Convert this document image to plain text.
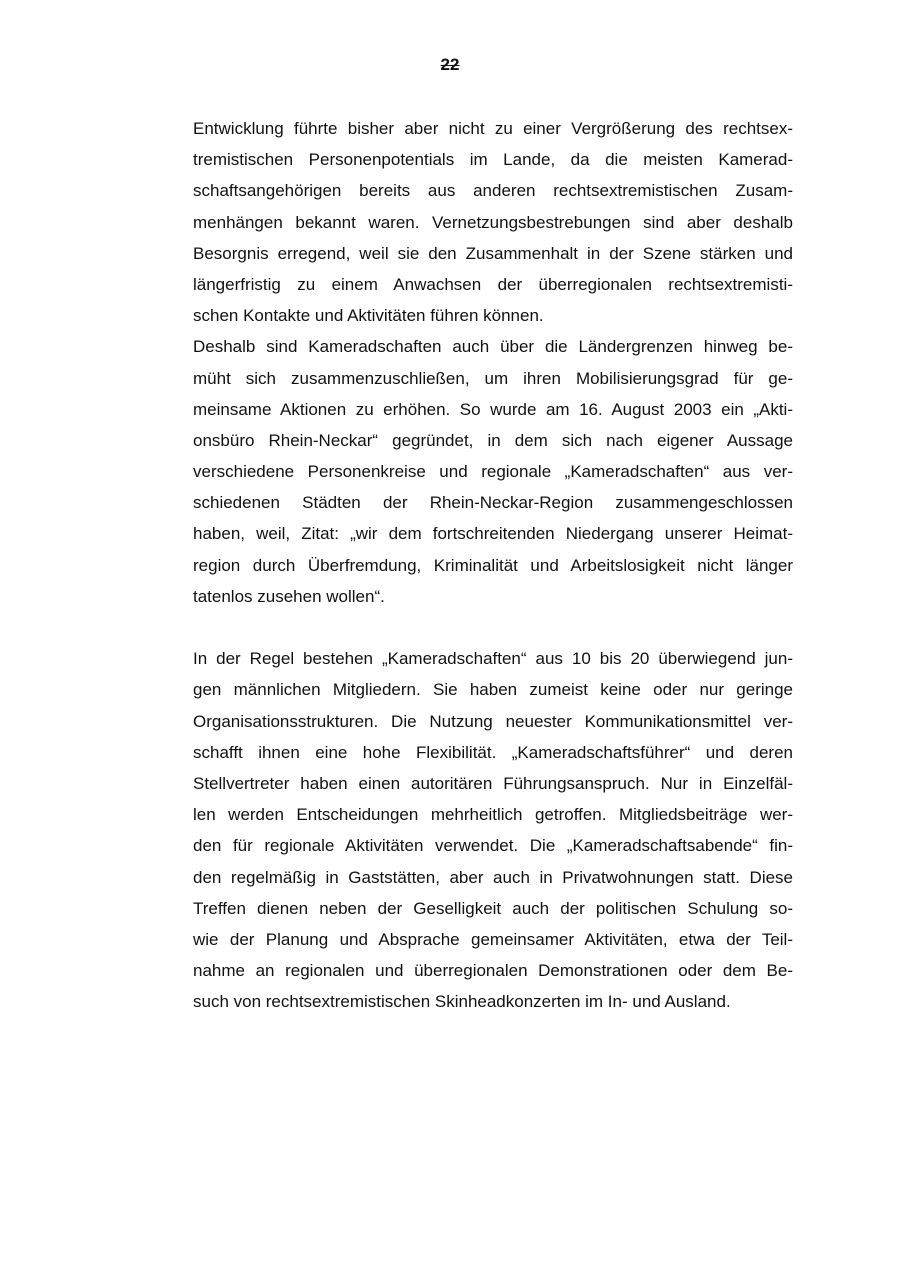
22
Entwicklung führte bisher aber nicht zu einer Vergrößerung des rechtsex-
tremistischen Personenpotentials im Lande, da die meisten Kamerad-
schaftsangehörigen bereits aus anderen rechtsextremistischen Zusam-
menhängen bekannt waren. Vernetzungsbestrebungen sind aber deshalb
Besorgnis erregend, weil sie den Zusammenhalt in der Szene stärken und
längerfristig zu einem Anwachsen der überregionalen rechtsextremisti-
schen Kontakte und Aktivitäten führen können.
Deshalb sind Kameradschaften auch über die Ländergrenzen hinweg be-
müht sich zusammenzuschließen, um ihren Mobilisierungsgrad für ge-
meinsame Aktionen zu erhöhen. So wurde am 16. August 2003 ein „Akti-
onsbüro Rhein-Neckar“ gegründet, in dem sich nach eigener Aussage
verschiedene Personenkreise und regionale „Kameradschaften“ aus ver-
schiedenen Städten der Rhein-Neckar-Region zusammengeschlossen
haben, weil, Zitat: „wir dem fortschreitenden Niedergang unserer Heimat-
region durch Überfremdung, Kriminalität und Arbeitslosigkeit nicht länger
tatenlos zusehen wollen“.
In der Regel bestehen „Kameradschaften“ aus 10 bis 20 überwiegend jun-
gen männlichen Mitgliedern. Sie haben zumeist keine oder nur geringe
Organisationsstrukturen. Die Nutzung neuester Kommunikationsmittel ver-
schafft ihnen eine hohe Flexibilität. „Kameradschaftsführer“ und deren
Stellvertreter haben einen autoritären Führungsanspruch. Nur in Einzelfäl-
len werden Entscheidungen mehrheitlich getroffen. Mitgliedsbeiträge wer-
den für regionale Aktivitäten verwendet. Die „Kameradschaftsabende“ fin-
den regelmäßig in Gaststätten, aber auch in Privatwohnungen statt. Diese
Treffen dienen neben der Geselligkeit auch der politischen Schulung so-
wie der Planung und Absprache gemeinsamer Aktivitäten, etwa der Teil-
nahme an regionalen und überregionalen Demonstrationen oder dem Be-
such von rechtsextremistischen Skinheadkonzerten im In- und Ausland.
